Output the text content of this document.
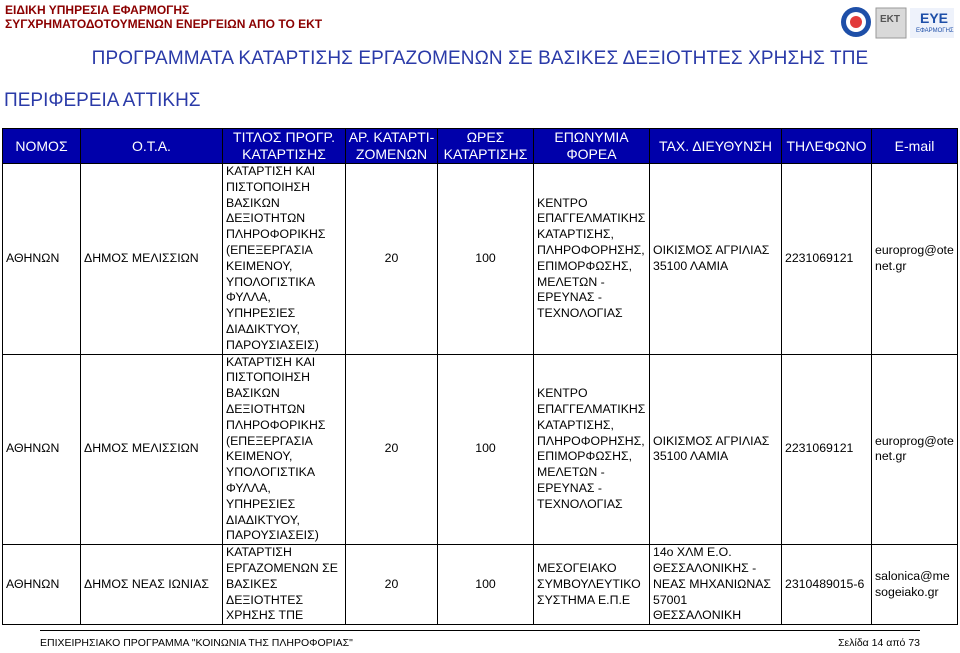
ΕΙΔΙΚΗ ΥΠΗΡΕΣΙΑ ΕΦΑΡΜΟΓΗΣ
ΣΥΓΧΡΗΜΑΤΟΔΟΤΟΥΜΕΝΩΝ ΕΝΕΡΓΕΙΩΝ ΑΠΟ ΤΟ ΕΚΤ	ΕΚΤ ΕΥΕ
ΕΦΑΡΜΟΓΗΣ
ΠΡΟΓΡΑΜΜΑΤΑ ΚΑΤΑΡΤΙΣΗΣ ΕΡΓΑΖΟΜΕΝΩΝ ΣΕ ΒΑΣΙΚΕΣ ΔΕΞΙΟΤΗΤΕΣ ΧΡΗΣΗΣ ΤΠΕ
ΠΕΡΙΦΕΡΕΙΑ ΑΤΤΙΚΗΣ
ΝΟΜΟΣ	Ο.Τ.Α.	ΤΙΤΛΟΣ ΠΡΟΓΡ. ΚΑΤΑΡΤΙΣΗΣ	ΑΡ. ΚΑΤΑΡΤΙ-ΖΟΜΕΝΩΝ	ΩΡΕΣ ΚΑΤΑΡΤΙΣΗΣ	ΕΠΩΝΥΜΙΑ ΦΟΡΕΑ	ΤΑΧ. ΔΙΕΥΘΥΝΣΗ	ΤΗΛΕΦΩΝΟ	E-mail
ΑΘΗΝΩΝ	ΔΗΜΟΣ ΜΕΛΙΣΣΙΩΝ	ΚΑΤΑΡΤΙΣΗ ΚΑΙ ΠΙΣΤΟΠΟΙΗΣΗ ΒΑΣΙΚΩΝ ΔΕΞΙΟΤΗΤΩΝ ΠΛΗΡΟΦΟΡΙΚΗΣ (ΕΠΕΞΕΡΓΑΣΙΑ ΚΕΙΜΕΝΟΥ, ΥΠΟΛΟΓΙΣΤΙΚΑ ΦΥΛΛΑ, ΥΠΗΡΕΣΙΕΣ ΔΙΑΔΙΚΤΥΟΥ, ΠΑΡΟΥΣΙΑΣΕΙΣ)	20	100	ΚΕΝΤΡΟ ΕΠΑΓΓΕΛΜΑΤΙΚΗΣ ΚΑΤΑΡΤΙΣΗΣ, ΠΛΗΡΟΦΟΡΗΣΗΣ, ΕΠΙΜΟΡΦΩΣΗΣ, ΜΕΛΕΤΩΝ - ΕΡΕΥΝΑΣ - ΤΕΧΝΟΛΟΓΙΑΣ	ΟΙΚΙΣΜΟΣ ΑΓΡΙΛΙΑΣ 35100 ΛΑΜΙΑ	2231069121	europrog@otenet.gr
ΑΘΗΝΩΝ	ΔΗΜΟΣ ΜΕΛΙΣΣΙΩΝ	ΚΑΤΑΡΤΙΣΗ ΚΑΙ ΠΙΣΤΟΠΟΙΗΣΗ ΒΑΣΙΚΩΝ ΔΕΞΙΟΤΗΤΩΝ ΠΛΗΡΟΦΟΡΙΚΗΣ (ΕΠΕΞΕΡΓΑΣΙΑ ΚΕΙΜΕΝΟΥ, ΥΠΟΛΟΓΙΣΤΙΚΑ ΦΥΛΛΑ, ΥΠΗΡΕΣΙΕΣ ΔΙΑΔΙΚΤΥΟΥ, ΠΑΡΟΥΣΙΑΣΕΙΣ)	20	100	ΚΕΝΤΡΟ ΕΠΑΓΓΕΛΜΑΤΙΚΗΣ ΚΑΤΑΡΤΙΣΗΣ, ΠΛΗΡΟΦΟΡΗΣΗΣ, ΕΠΙΜΟΡΦΩΣΗΣ, ΜΕΛΕΤΩΝ - ΕΡΕΥΝΑΣ - ΤΕΧΝΟΛΟΓΙΑΣ	ΟΙΚΙΣΜΟΣ ΑΓΡΙΛΙΑΣ 35100 ΛΑΜΙΑ	2231069121	europrog@otenet.gr
ΑΘΗΝΩΝ	ΔΗΜΟΣ ΝΕΑΣ ΙΩΝΙΑΣ	ΚΑΤΑΡΤΙΣΗ ΕΡΓΑΖΟΜΕΝΩΝ ΣΕ ΒΑΣΙΚΕΣ ΔΕΞΙΟΤΗΤΕΣ ΧΡΗΣΗΣ ΤΠΕ	20	100	ΜΕΣΟΓΕΙΑΚΟ ΣΥΜΒΟΥΛΕΥΤΙΚΟ ΣΥΣΤΗΜΑ Ε.Π.Ε	14ο ΧΛΜ Ε.Ο. ΘΕΣΣΑΛΟΝΙΚΗΣ - ΝΕΑΣ ΜΗΧΑΝΙΩΝΑΣ 57001 ΘΕΣΣΑΛΟΝΙΚΗ	2310489015-6	salonica@mesogeiako.gr
ΕΠΙΧΕΙΡΗΣΙΑΚΟ ΠΡΟΓΡΑΜΜΑ "ΚΟΙΝΩΝΙΑ ΤΗΣ ΠΛΗΡΟΦΟΡΙΑΣ"	Σελίδα 14 από 73
